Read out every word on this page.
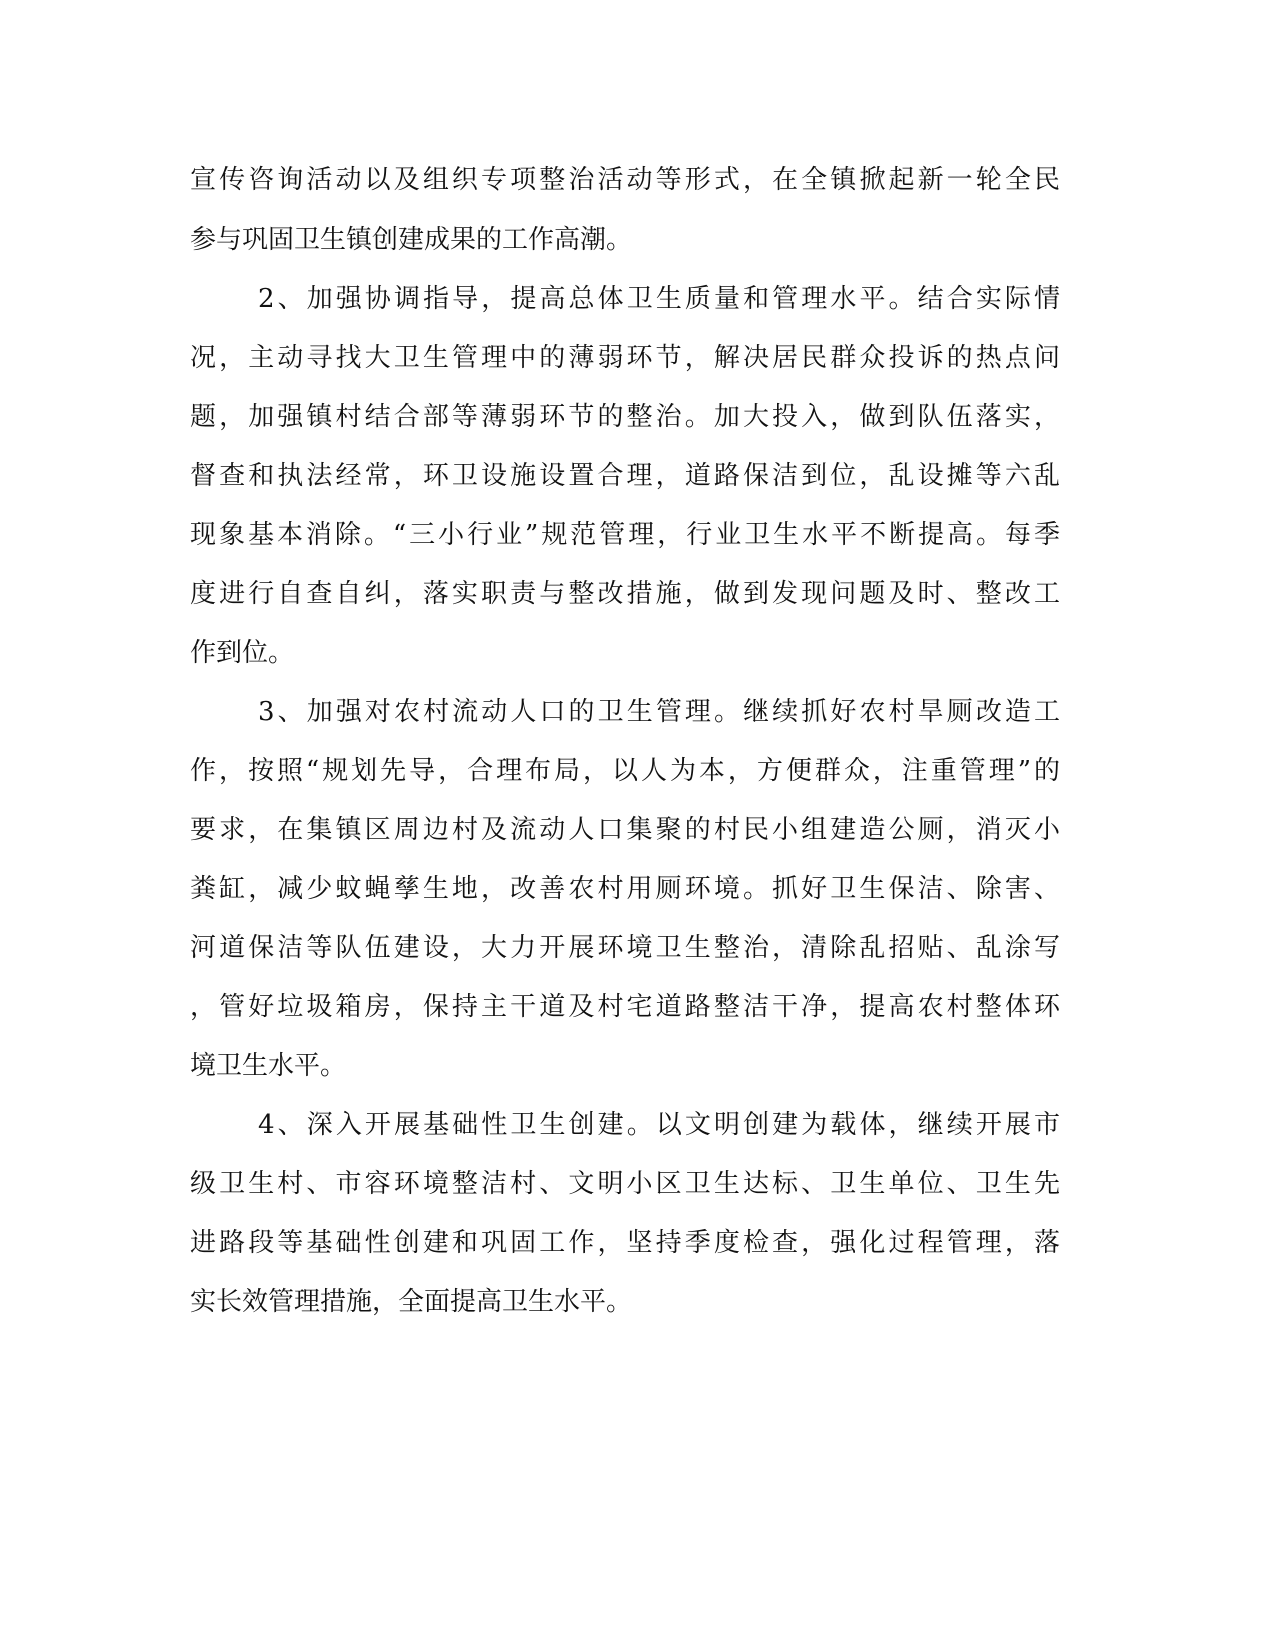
宣传咨询活动以及组织专项整治活动等形式，在全镇掀起新一轮全民
参与巩固卫生镇创建成果的工作高潮。
2、加强协调指导，提高总体卫生质量和管理水平。结合实际情
况，主动寻找大卫生管理中的薄弱环节，解决居民群众投诉的热点问
题，加强镇村结合部等薄弱环节的整治。加大投入，做到队伍落实，
督查和执法经常，环卫设施设置合理，道路保洁到位，乱设摊等六乱
现象基本消除。“三小行业”规范管理，行业卫生水平不断提高。每季
度进行自查自纠，落实职责与整改措施，做到发现问题及时、整改工
作到位。
3、加强对农村流动人口的卫生管理。继续抓好农村旱厕改造工
作，按照“规划先导，合理布局，以人为本，方便群众，注重管理”的
要求，在集镇区周边村及流动人口集聚的村民小组建造公厕，消灭小
粪缸，减少蚊蝇孳生地，改善农村用厕环境。抓好卫生保洁、除害、
河道保洁等队伍建设，大力开展环境卫生整治，清除乱招贴、乱涂写
，管好垃圾箱房，保持主干道及村宅道路整洁干净，提高农村整体环
境卫生水平。
4、深入开展基础性卫生创建。以文明创建为载体，继续开展市
级卫生村、市容环境整洁村、文明小区卫生达标、卫生单位、卫生先
进路段等基础性创建和巩固工作，坚持季度检查，强化过程管理，落
实长效管理措施，全面提高卫生水平。
